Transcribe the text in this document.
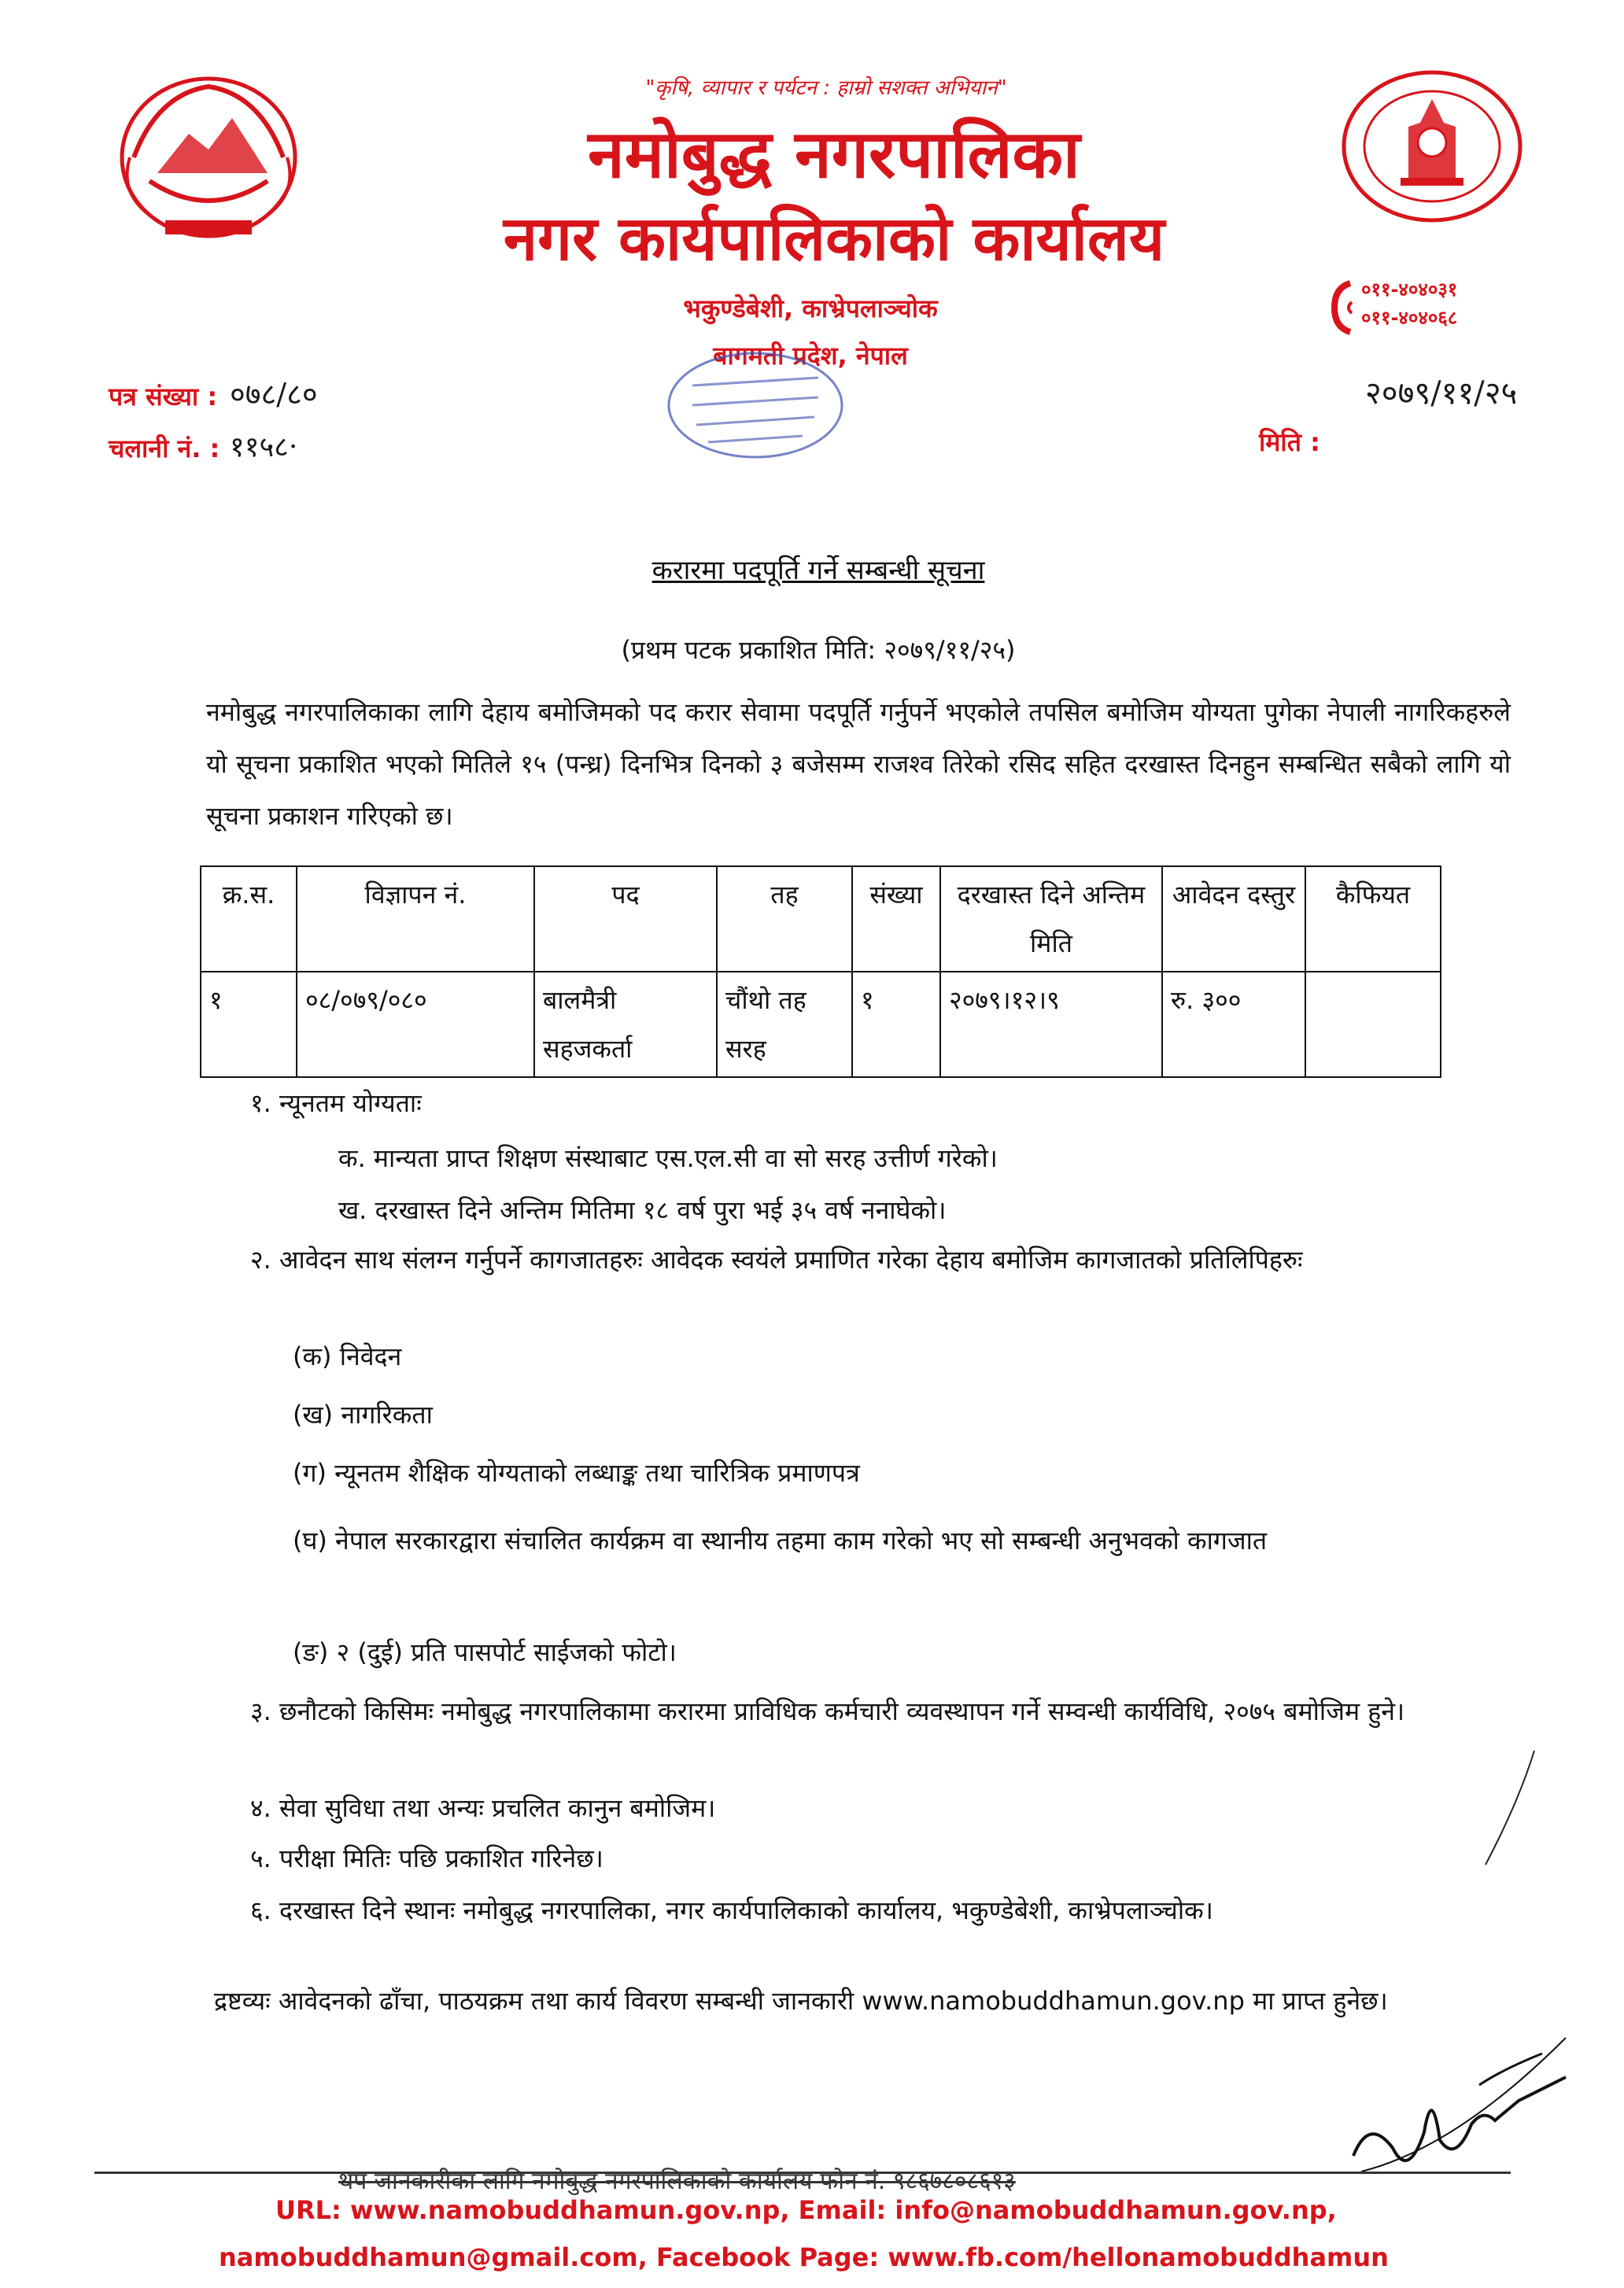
"कृषि, व्यापार र पर्यटन : हाम्रो सशक्त अभियान"
नमोबुद्ध नगरपालिका
नगर कार्यपालिकाको कार्यालय
भकुण्डेबेशी, काभ्रेपलाञ्चोक
बागमती प्रदेश, नेपाल
०११-४०४०३१
०११-४०४०६८
पत्र संख्या : ०७८/८०
चलानी नं. : ११५८·
२०७९/११/२५
मिति :
करारमा पदपूर्ति गर्ने सम्बन्धी सूचना
(प्रथम पटक प्रकाशित मिति: २०७९/११/२५)
नमोबुद्ध नगरपालिकाका लागि देहाय बमोजिमको पद करार सेवामा पदपूर्ति गर्नुपर्ने भएकोले तपसिल बमोजिम योग्यता पुगेका नेपाली नागरिकहरुले यो सूचना प्रकाशित भएको मितिले १५ (पन्ध्र) दिनभित्र दिनको ३ बजेसम्म राजश्व तिरेको रसिद सहित दरखास्त दिनहुन सम्बन्धित सबैको लागि यो सूचना प्रकाशन गरिएको छ।
क्र.स.	विज्ञापन नं.	पद	तह	संख्या	दरखास्त दिने अन्तिम मिति	आवेदन दस्तुर	कैफियत
१	०८/०७९/०८०	बालमैत्री सहजकर्ता	चौंथो तह सरह	१	२०७९।१२।९	रु. ३००	
१. न्यूनतम योग्यताः
क. मान्यता प्राप्त शिक्षण संस्थाबाट एस.एल.सी वा सो सरह उत्तीर्ण गरेको।
ख. दरखास्त दिने अन्तिम मितिमा १८ वर्ष पुरा भई ३५ वर्ष ननाघेको।
२. आवेदन साथ संलग्न गर्नुपर्ने कागजातहरुः आवेदक स्वयंले प्रमाणित गरेका देहाय बमोजिम कागजातको प्रतिलिपिहरुः
(क) निवेदन
(ख) नागरिकता
(ग) न्यूनतम शैक्षिक योग्यताको लब्धाङ्क तथा चारित्रिक प्रमाणपत्र
(घ) नेपाल सरकारद्वारा संचालित कार्यक्रम वा स्थानीय तहमा काम गरेको भए सो सम्बन्धी अनुभवको कागजात
(ङ) २ (दुई) प्रति पासपोर्ट साईजको फोटो।
३. छनौटको किसिमः नमोबुद्ध नगरपालिकामा करारमा प्राविधिक कर्मचारी व्यवस्थापन गर्ने सम्वन्धी कार्यविधि, २०७५ बमोजिम हुने।
४. सेवा सुविधा तथा अन्यः प्रचलित कानुन बमोजिम।
५. परीक्षा मितिः पछि प्रकाशित गरिनेछ।
६. दरखास्त दिने स्थानः नमोबुद्ध नगरपालिका, नगर कार्यपालिकाको कार्यालय, भकुण्डेबेशी, काभ्रेपलाञ्चोक।
द्रष्टव्यः आवेदनको ढाँचा, पाठयक्रम तथा कार्य विवरण सम्बन्धी जानकारी www.namobuddhamun.gov.np मा प्राप्त हुनेछ।
थप जानकारीका लागि नमोबुद्ध नगरपालिकाको कार्यालय फोन नं. ९८६७८०८६१३
URL: www.namobuddhamun.gov.np, Email: info@namobuddhamun.gov.np,
namobuddhamun@gmail.com, Facebook Page: www.fb.com/hellonamobuddhamun
